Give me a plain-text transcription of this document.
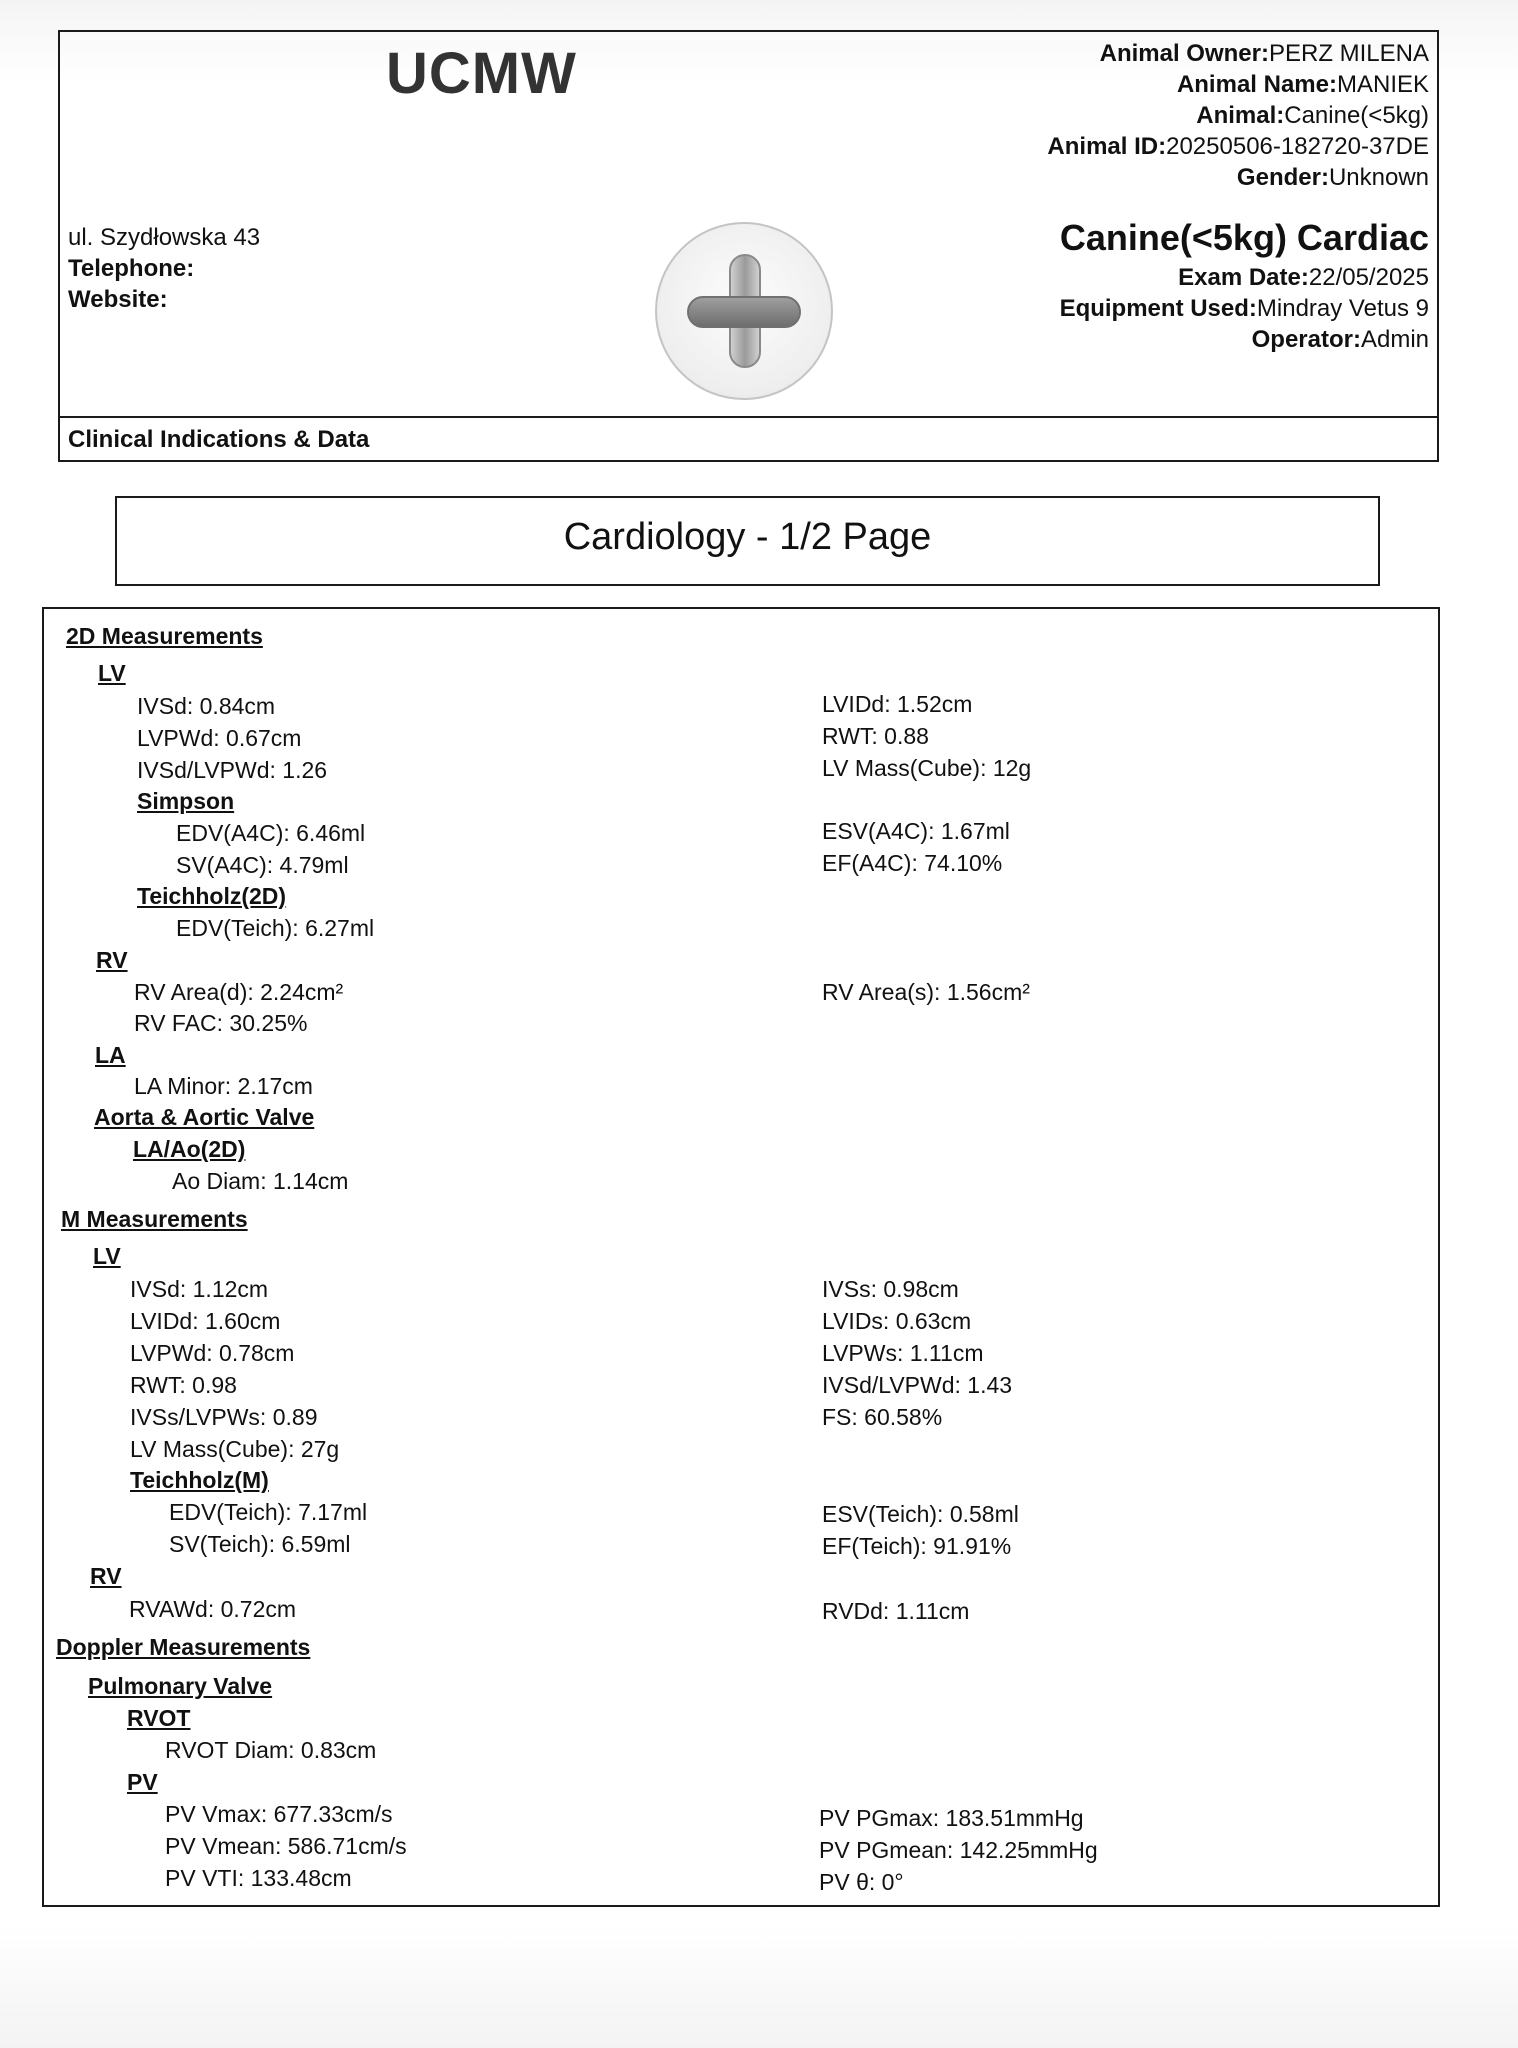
UCMW
ul. Szydłowska 43
Telephone:
Website:
Animal Owner:PERZ MILENA
Animal Name:MANIEK
Animal:Canine(<5kg)
Animal ID:20250506-182720-37DE
Gender:Unknown
Canine(<5kg) Cardiac
Exam Date:22/05/2025
Equipment Used:Mindray Vetus 9
Operator:Admin
Clinical Indications & Data
Cardiology - 1/2 Page
2D Measurements
LV
IVSd: 0.84cm	LVIDd: 1.52cm
LVPWd: 0.67cm	RWT: 0.88
IVSd/LVPWd: 1.26	LV Mass(Cube): 12g
Simpson
EDV(A4C): 6.46ml	ESV(A4C): 1.67ml
SV(A4C): 4.79ml	EF(A4C): 74.10%
Teichholz(2D)
EDV(Teich): 6.27ml
RV
RV Area(d): 2.24cm²	RV Area(s): 1.56cm²
RV FAC: 30.25%
LA
LA Minor: 2.17cm
Aorta & Aortic Valve
LA/Ao(2D)
Ao Diam: 1.14cm
M Measurements
LV
IVSd: 1.12cm	IVSs: 0.98cm
LVIDd: 1.60cm	LVIDs: 0.63cm
LVPWd: 0.78cm	LVPWs: 1.11cm
RWT: 0.98	IVSd/LVPWd: 1.43
IVSs/LVPWs: 0.89	FS: 60.58%
LV Mass(Cube): 27g
Teichholz(M)
EDV(Teich): 7.17ml	ESV(Teich): 0.58ml
SV(Teich): 6.59ml	EF(Teich): 91.91%
RV
RVAWd: 0.72cm	RVDd: 1.11cm
Doppler Measurements
Pulmonary Valve
RVOT
RVOT Diam: 0.83cm
PV
PV Vmax: 677.33cm/s	PV PGmax: 183.51mmHg
PV Vmean: 586.71cm/s	PV PGmean: 142.25mmHg
PV VTI: 133.48cm	PV θ: 0°
